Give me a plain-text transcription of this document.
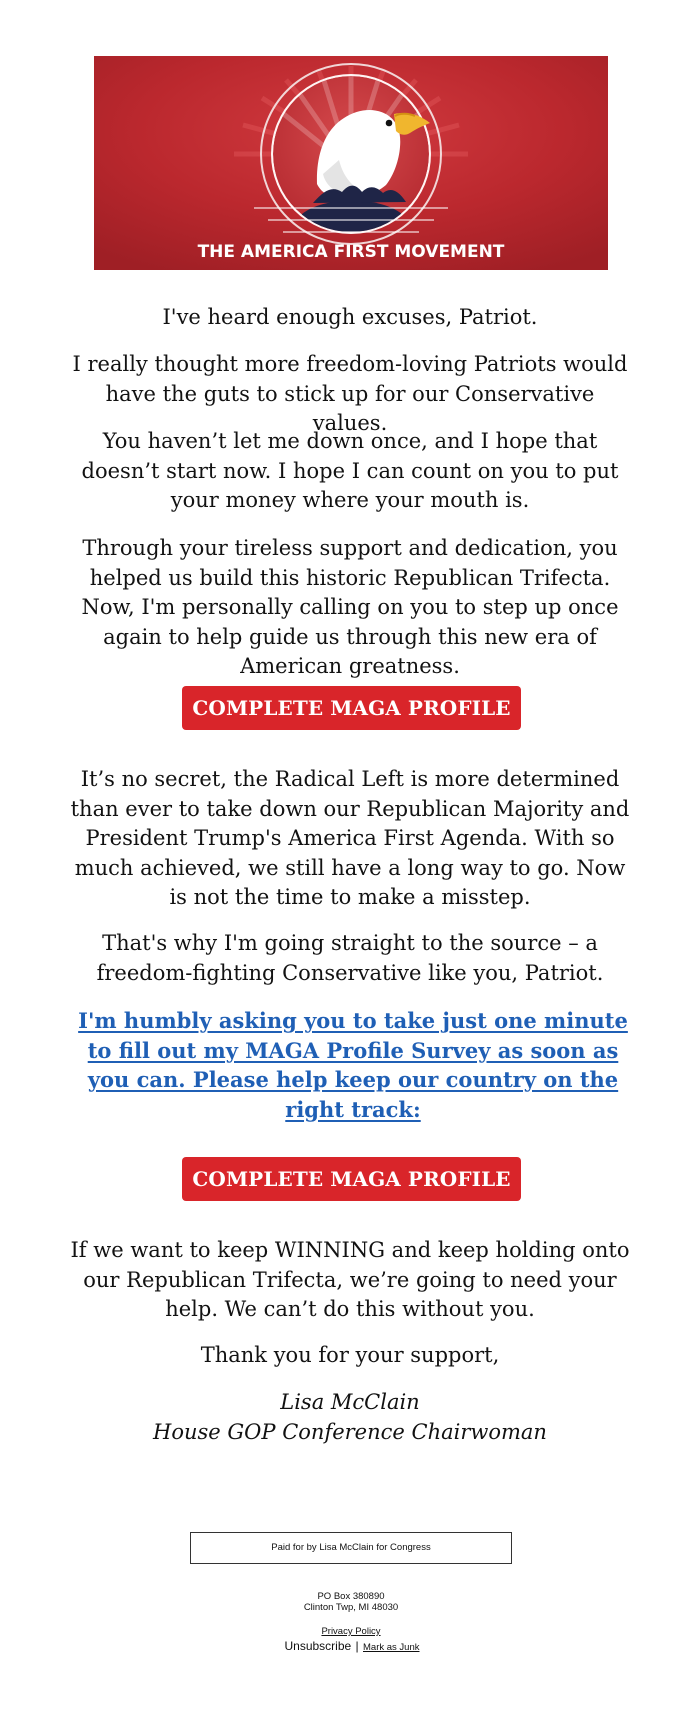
THE AMERICA FIRST MOVEMENT

I've heard enough excuses, Patriot.

I really thought more freedom-loving Patriots would have the guts to stick up for our Conservative values.

You haven’t let me down once, and I hope that doesn’t start now. I hope I can count on you to put your money where your mouth is.

Through your tireless support and dedication, you helped us build this historic Republican Trifecta. Now, I'm personally calling on you to step up once again to help guide us through this new era of American greatness.

COMPLETE MAGA PROFILE

It’s no secret, the Radical Left is more determined than ever to take down our Republican Majority and President Trump's America First Agenda. With so much achieved, we still have a long way to go. Now is not the time to make a misstep.

That's why I'm going straight to the source – a freedom-fighting Conservative like you, Patriot.

I'm humbly asking you to take just one minute to fill out my MAGA Profile Survey as soon as you can. Please help keep our country on the right track:
COMPLETE MAGA PROFILE

If we want to keep WINNING and keep holding onto our Republican Trifecta, we’re going to need your help. We can’t do this without you.

Thank you for your support,

Lisa McClain
House GOP Conference Chairwoman
Paid for by Lisa McClain for Congress
PO Box 380890
Clinton Twp, MI 48030
Privacy Policy
Unsubscribe | Mark as Junk
